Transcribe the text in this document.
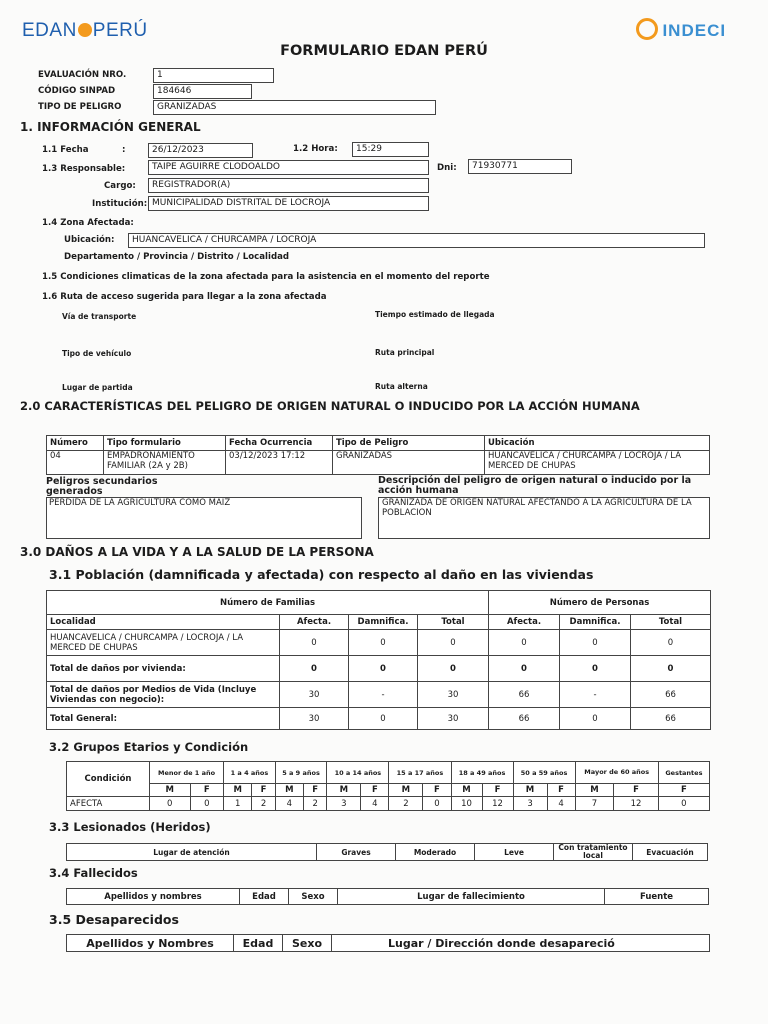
EDAN PERÚ	INDECI
FORMULARIO EDAN PERÚ
EVALUACIÓN NRO.	1
CÓDIGO SINPAD	184646
TIPO DE PELIGRO	GRANIZADAS
1. INFORMACIÓN GENERAL
1.1 Fecha	:	26/12/2023	1.2 Hora:	15:29
1.3 Responsable:	TAIPE AGUIRRE CLODOALDO	Dni:	71930771
Cargo:	REGISTRADOR(A)
Institución: MUNICIPALIDAD DISTRITAL DE LOCROJA
1.4 Zona Afectada:
Ubicación:	HUANCAVELICA / CHURCAMPA / LOCROJA
Departamento / Provincia / Distrito / Localidad
1.5 Condiciones climaticas de la zona afectada para la asistencia en el momento del reporte
1.6 Ruta de acceso sugerida para llegar a la zona afectada
Vía de transporte	Tiempo estimado de llegada
Tipo de vehículo	Ruta principal
Lugar de partida	Ruta alterna
2.0 CARACTERÍSTICAS DEL PELIGRO DE ORIGEN NATURAL O INDUCIDO POR LA ACCIÓN HUMANA
Número	Tipo formulario	Fecha Ocurrencia	Tipo de Peligro	Ubicación
04	EMPADRONAMIENTO FAMILIAR (2A y 2B)	03/12/2023 17:12	GRANIZADAS	HUANCAVELICA / CHURCAMPA / LOCROJA / LA MERCED DE CHUPAS
Peligros secundarios generados
PERDIDA DE LA AGRICULTURA COMO MAIZ
Descripción del peligro de origen natural o inducido por la acción humana
GRANIZADA DE ORIGEN NATURAL AFECTANDO A LA AGRICULTURA DE LA POBLACION
3.0 DAÑOS A LA VIDA Y A LA SALUD DE LA PERSONA
3.1 Población (damnificada y afectada) con respecto al daño en las viviendas
Número de Familias				Número de Personas		
Localidad	Afecta.	Damnifica.	Total	Afecta.	Damnifica.	Total
HUANCAVELICA / CHURCAMPA / LOCROJA / LA MERCED DE CHUPAS	0	0	0	0	0	0
Total de daños por vivienda:	0	0	0	0	0	0
Total de daños por Medios de Vida (Incluye Viviendas con negocio):	30	-	30	66	-	66
Total General:	30	0	30	66	0	66
3.2 Grupos Etarios y Condición
Condición	Menor de 1 año		1 a 4 años		5 a 9 años		10 a 14 años		15 a 17 años		18 a 49 años		50 a 59 años		Mayor de 60 años		Gestantes
	M	F	M	F	M	F	M	F	M	F	M	F	M	F	M	F	F
AFECTA	0	0	1	2	4	2	3	4	2	0	10	12	3	4	7	12	0
3.3 Lesionados (Heridos)
Lugar de atención	Graves	Moderado	Leve	Con tratamiento local	Evacuación
3.4 Fallecidos
Apellidos y nombres	Edad	Sexo	Lugar de fallecimiento	Fuente
3.5 Desaparecidos
Apellidos y Nombres	Edad	Sexo	Lugar / Dirección donde desapareció
